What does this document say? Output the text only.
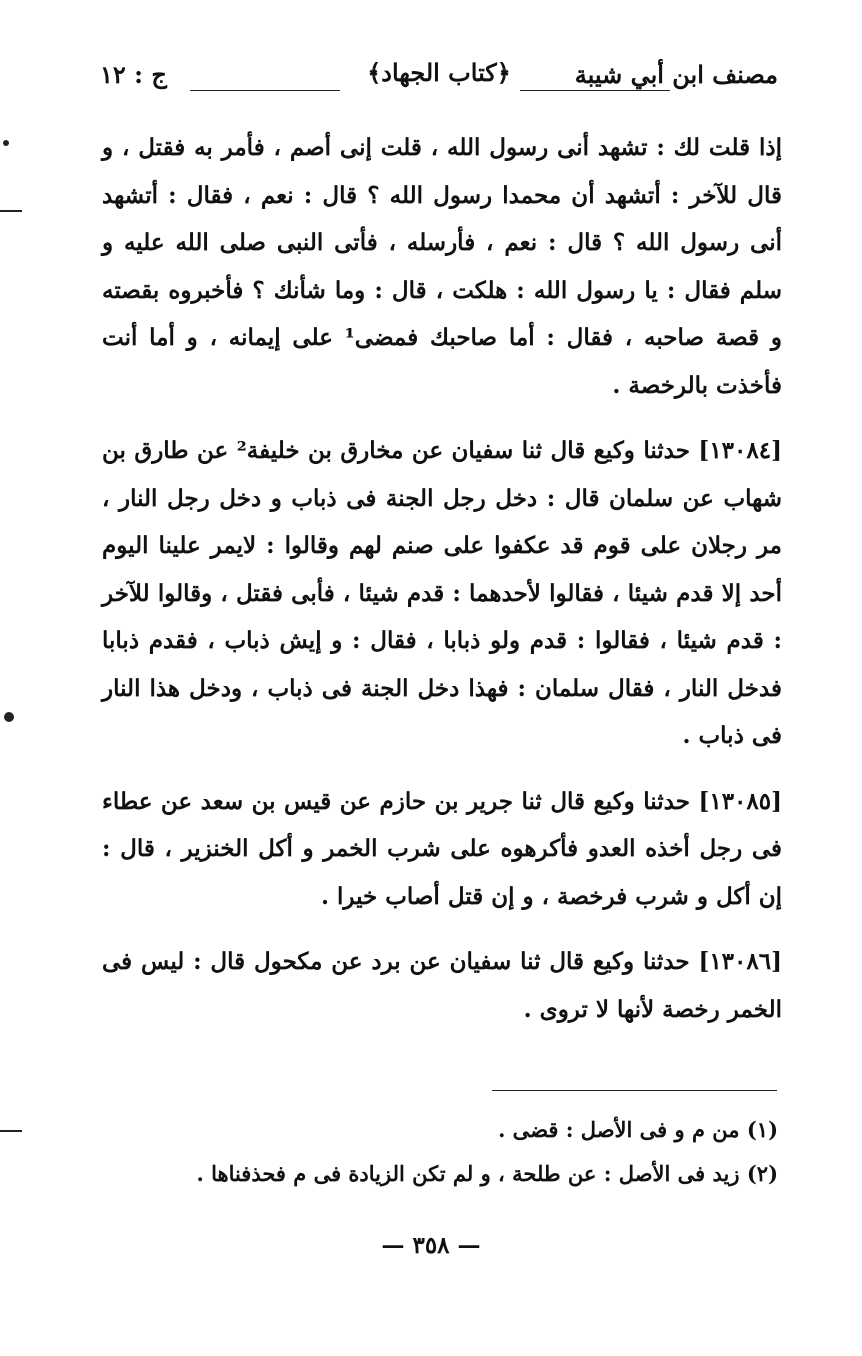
مصنف ابن أبي شيبة
﴿كتاب الجهاد﴾
ج : ١٢

إذا قلت لك : تشهد أنى رسول الله ، قلت إنى أصم ، فأمر به فقتل ، و قال للآخر : أتشهد أن محمدا رسول الله ؟ قال : نعم ، فقال : أتشهد أنى رسول الله ؟ قال : نعم ، فأرسله ، فأتى النبى صلى الله عليه و سلم فقال : يا رسول الله : هلكت ، قال : وما شأنك ؟ فأخبروه بقصته و قصة صاحبه ، فقال : أما صاحبك فمضى¹ على إيمانه ، و أما أنت فأخذت بالرخصة .

[١٣٠٨٤] حدثنا وكيع قال ثنا سفيان عن مخارق بن خليفة² عن طارق بن شهاب عن سلمان قال : دخل رجل الجنة فى ذباب و دخل رجل النار ، مر رجلان على قوم قد عكفوا على صنم لهم وقالوا : لايمر علينا اليوم أحد إلا قدم شيئا ، فقالوا لأحدهما : قدم شيئا ، فأبى فقتل ، وقالوا للآخر : قدم شيئا ، فقالوا : قدم ولو ذبابا ، فقال : و إيش ذباب ، فقدم ذبابا فدخل النار ، فقال سلمان : فهذا دخل الجنة فى ذباب ، ودخل هذا النار فى ذباب .

[١٣٠٨٥] حدثنا وكيع قال ثنا جرير بن حازم عن قيس بن سعد عن عطاء فى رجل أخذه العدو فأكرهوه على شرب الخمر و أكل الخنزير ، قال : إن أكل و شرب فرخصة ، و إن قتل أصاب خيرا .

[١٣٠٨٦] حدثنا وكيع قال ثنا سفيان عن برد عن مكحول قال : ليس فى الخمر رخصة لأنها لا تروى .

(١) من م و فى الأصل : قضى .
(٢) زيد فى الأصل : عن طلحة ، و لم تكن الزيادة فى م فحذفناها .
— ٣٥٨ —
